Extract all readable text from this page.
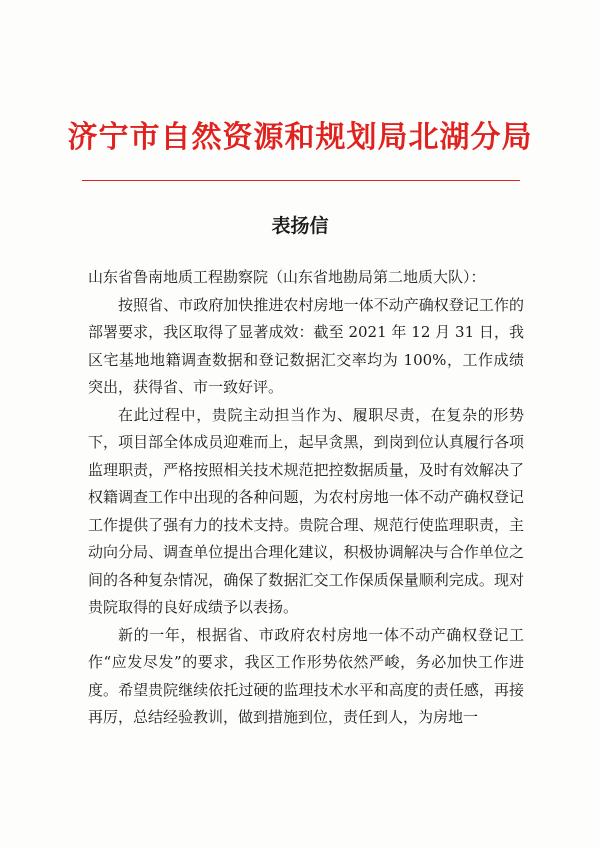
济宁市自然资源和规划局北湖分局
表扬信

山东省鲁南地质工程勘察院（山东省地勘局第二地质大队）：

按照省、市政府加快推进农村房地一体不动产确权登记工作的部署要求，我区取得了显著成效：截至 2021 年 12 月 31 日，我区宅基地地籍调查数据和登记数据汇交率均为 100%，工作成绩突出，获得省、市一致好评。

在此过程中，贵院主动担当作为、履职尽责，在复杂的形势下，项目部全体成员迎难而上，起早贪黑，到岗到位认真履行各项监理职责，严格按照相关技术规范把控数据质量，及时有效解决了权籍调查工作中出现的各种问题，为农村房地一体不动产确权登记工作提供了强有力的技术支持。贵院合理、规范行使监理职责，主动向分局、调查单位提出合理化建议，积极协调解决与合作单位之间的各种复杂情况，确保了数据汇交工作保质保量顺利完成。现对贵院取得的良好成绩予以表扬。

新的一年，根据省、市政府农村房地一体不动产确权登记工作“应发尽发”的要求，我区工作形势依然严峻，务必加快工作进度。希望贵院继续依托过硬的监理技术水平和高度的责任感，再接再厉，总结经验教训，做到措施到位，责任到人，为房地一
